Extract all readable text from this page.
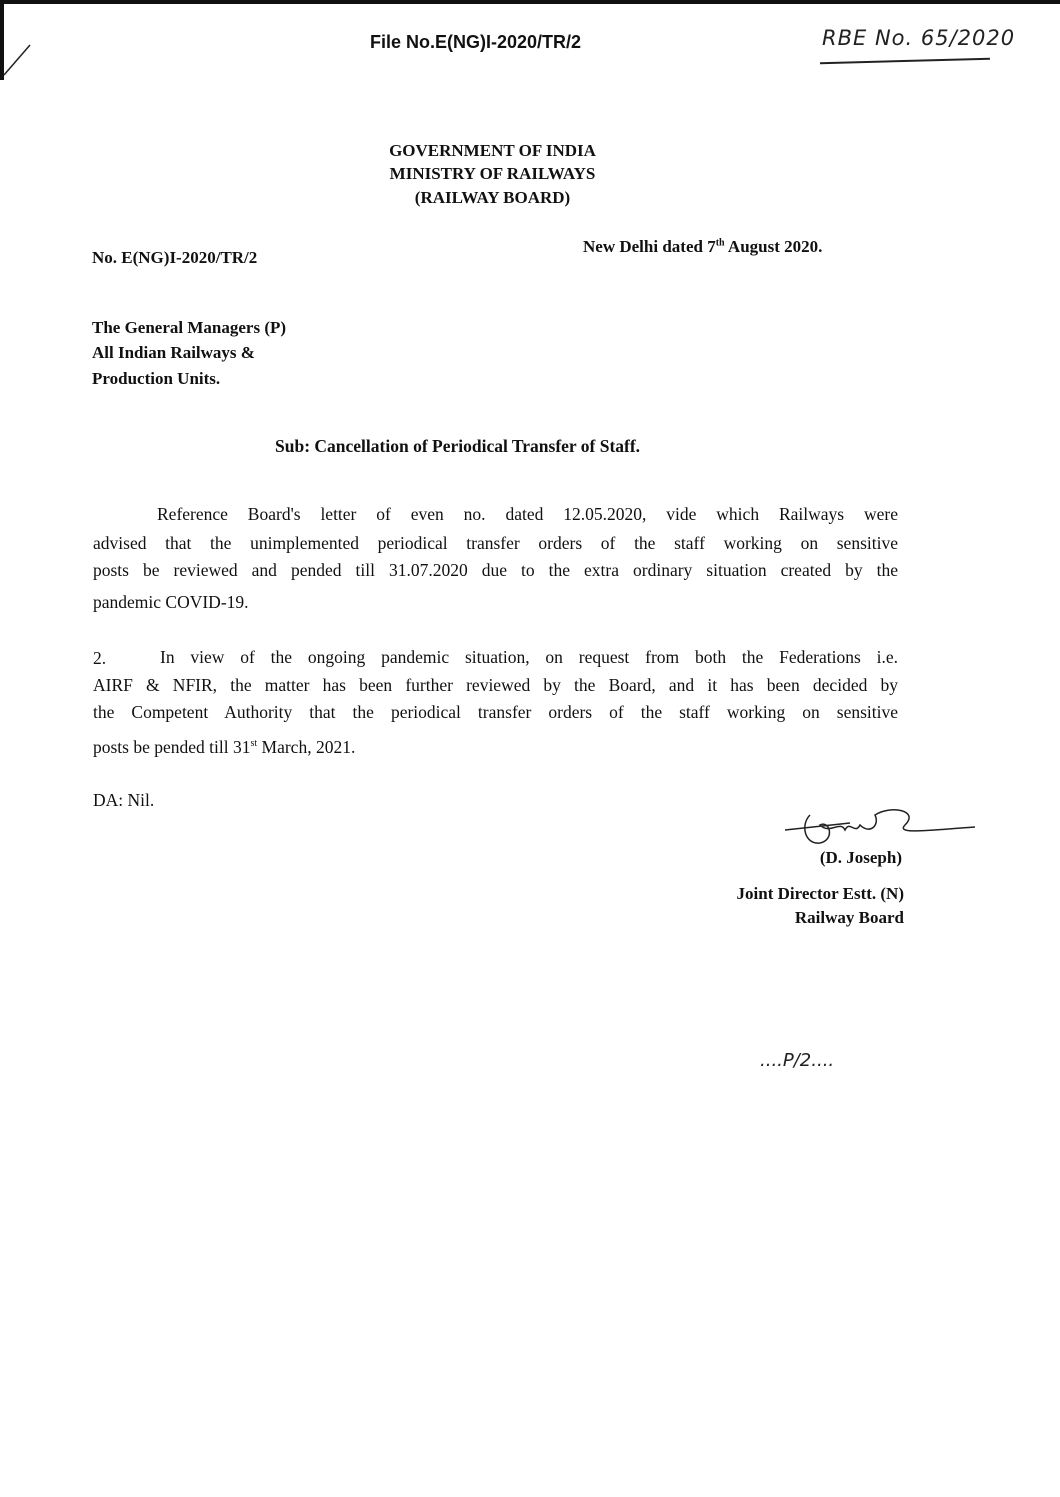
File No.E(NG)I-2020/TR/2	RBE No. 65/2020
GOVERNMENT OF INDIA
MINISTRY OF RAILWAYS
(RAILWAY BOARD)
No. E(NG)I-2020/TR/2
New Delhi dated 7th August 2020.
The General Managers (P)
All Indian Railways &
Production Units.
Sub: Cancellation of Periodical Transfer of Staff.
Reference Board's letter of even no. dated 12.05.2020, vide which Railways were
advised that the unimplemented periodical transfer orders of the staff working on sensitive
posts be reviewed and pended till 31.07.2020 due to the extra ordinary situation created by the
pandemic COVID-19.
2.	In view of the ongoing pandemic situation, on request from both the Federations i.e.
AIRF & NFIR, the matter has been further reviewed by the Board, and it has been decided by
the Competent Authority that the periodical transfer orders of the staff working on sensitive
posts be pended till 31st March, 2021.
DA: Nil.
(D. Joseph)
Joint Director Estt. (N)
Railway Board
....P/2....
